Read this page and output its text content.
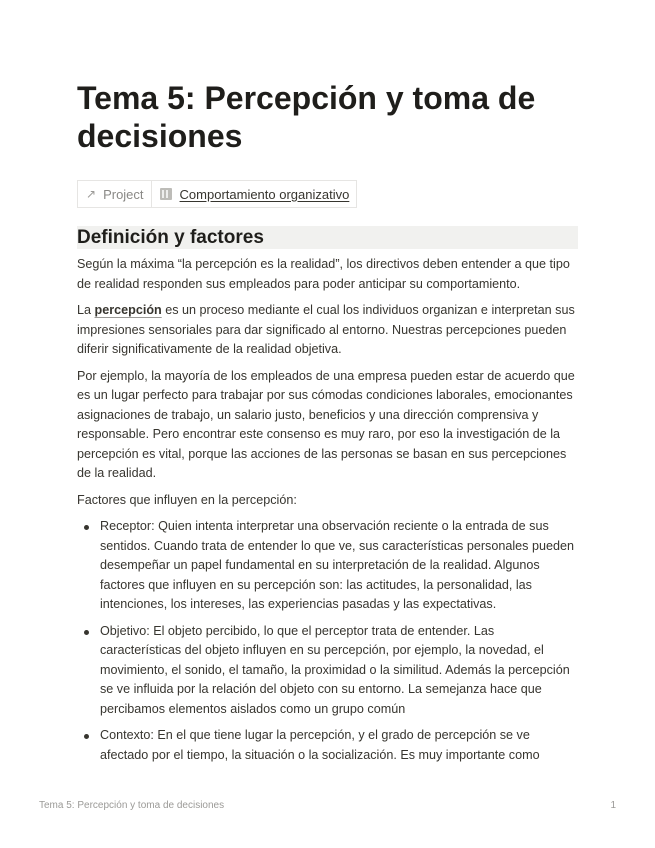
Tema 5: Percepción y toma de decisiones
↗ Project	Comportamiento organizativo
Definición y factores

Según la máxima “la percepción es la realidad”, los directivos deben entender a que tipo de realidad responden sus empleados para poder anticipar su comportamiento.

La percepción es un proceso mediante el cual los individuos organizan e interpretan sus impresiones sensoriales para dar significado al entorno. Nuestras percepciones pueden diferir significativamente de la realidad objetiva.

Por ejemplo, la mayoría de los empleados de una empresa pueden estar de acuerdo que es un lugar perfecto para trabajar por sus cómodas condiciones laborales, emocionantes asignaciones de trabajo, un salario justo, beneficios y una dirección comprensiva y responsable. Pero encontrar este consenso es muy raro, por eso la investigación de la percepción es vital, porque las acciones de las personas se basan en sus percepciones de la realidad.

Factores que influyen en la percepción:

Receptor: Quien intenta interpretar una observación reciente o la entrada de sus sentidos. Cuando trata de entender lo que ve, sus características personales pueden desempeñar un papel fundamental en su interpretación de la realidad. Algunos factores que influyen en su percepción son: las actitudes, la personalidad, las intenciones, los intereses, las experiencias pasadas y las expectativas.
Objetivo: El objeto percibido, lo que el perceptor trata de entender. Las características del objeto influyen en su percepción, por ejemplo, la novedad, el movimiento, el sonido, el tamaño, la proximidad o la similitud. Además la percepción se ve influida por la relación del objeto con su entorno. La semejanza hace que percibamos elementos aislados como un grupo común
Contexto: En el que tiene lugar la percepción, y el grado de percepción se ve afectado por el tiempo, la situación o la socialización. Es muy importante como
Tema 5: Percepción y toma de decisiones	1
